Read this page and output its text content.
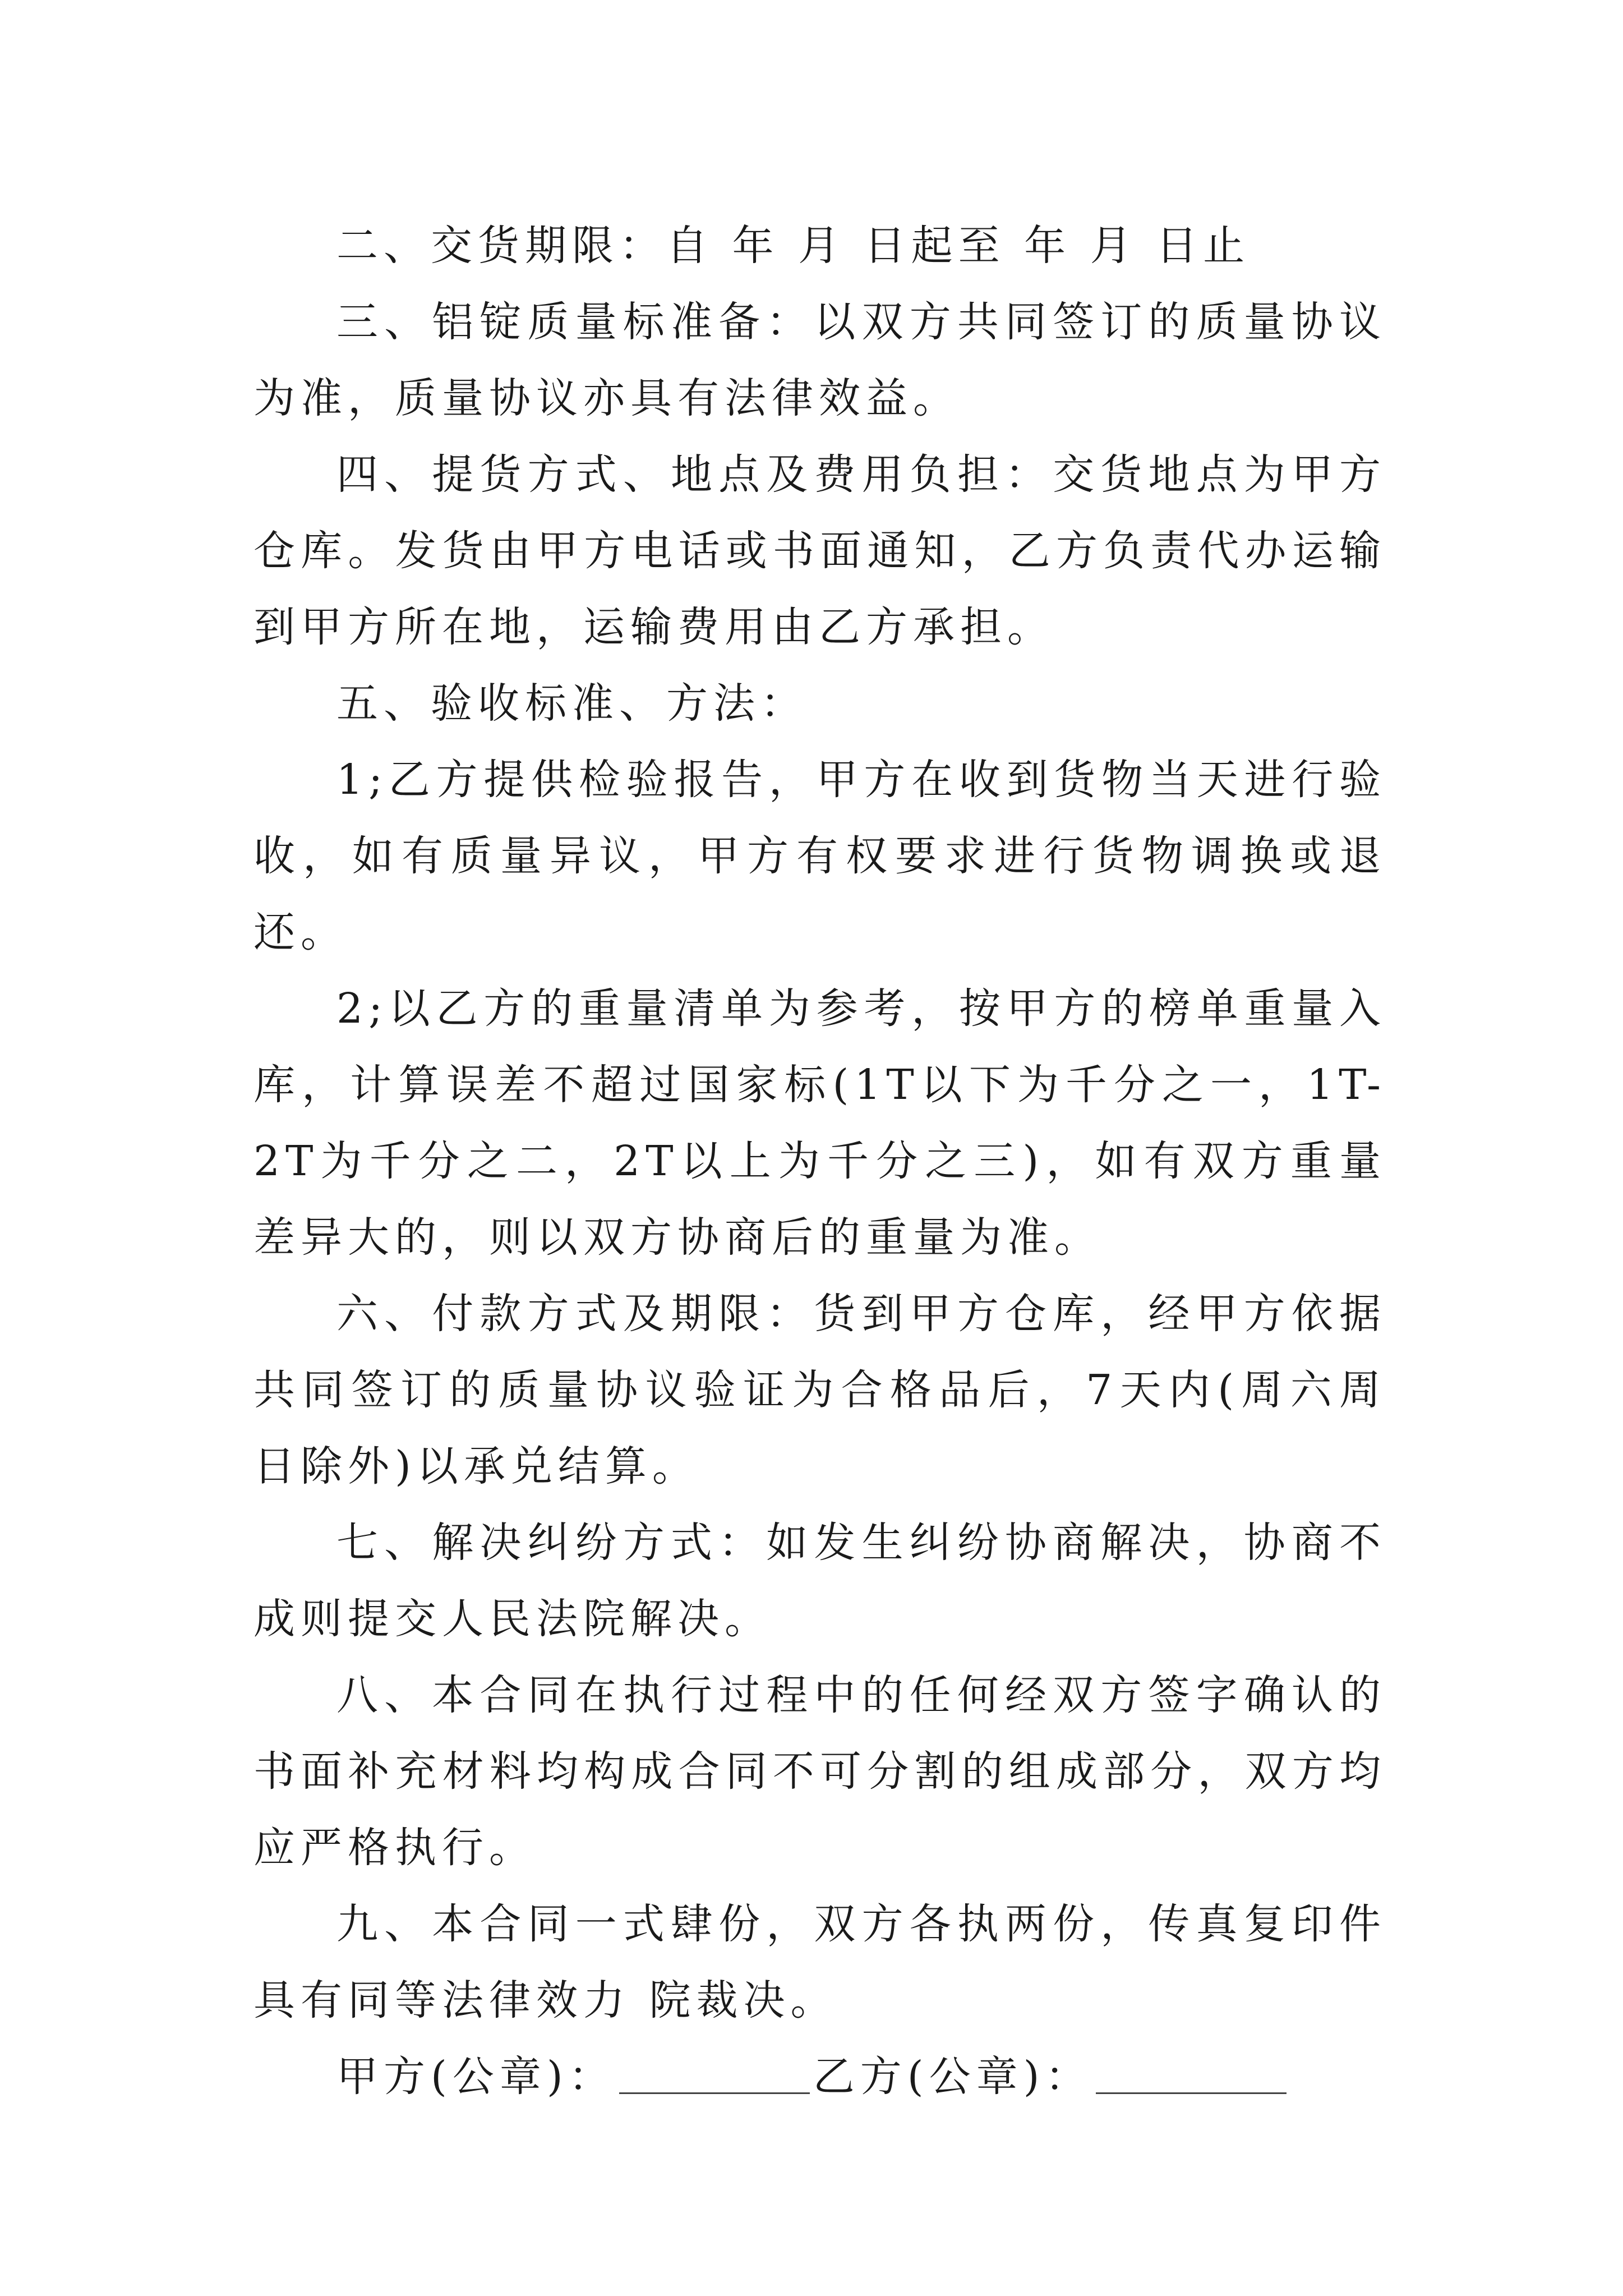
二、交货期限：自 年 月 日起至 年 月 日止

三、铝锭质量标准备：以双方共同签订的质量协议为准，质量协议亦具有法律效益。

四、提货方式、地点及费用负担：交货地点为甲方仓库。发货由甲方电话或书面通知，乙方负责代办运输到甲方所在地，运输费用由乙方承担。

五、验收标准、方法：

1;乙方提供检验报告，甲方在收到货物当天进行验收，如有质量异议，甲方有权要求进行货物调换或退还。

2;以乙方的重量清单为参考，按甲方的榜单重量入库，计算误差不超过国家标(1T以下为千分之一，1T-2T为千分之二，2T以上为千分之三)，如有双方重量差异大的，则以双方协商后的重量为准。

六、付款方式及期限：货到甲方仓库，经甲方依据共同签订的质量协议验证为合格品后，7天内(周六周日除外)以承兑结算。

七、解决纠纷方式：如发生纠纷协商解决，协商不成则提交人民法院解决。

八、本合同在执行过程中的任何经双方签字确认的书面补充材料均构成合同不可分割的组成部分，双方均应严格执行。

九、本合同一式肆份，双方各执两份，传真复印件具有同等法律效力 院裁决。

甲方(公章)：	乙方(公章)：
